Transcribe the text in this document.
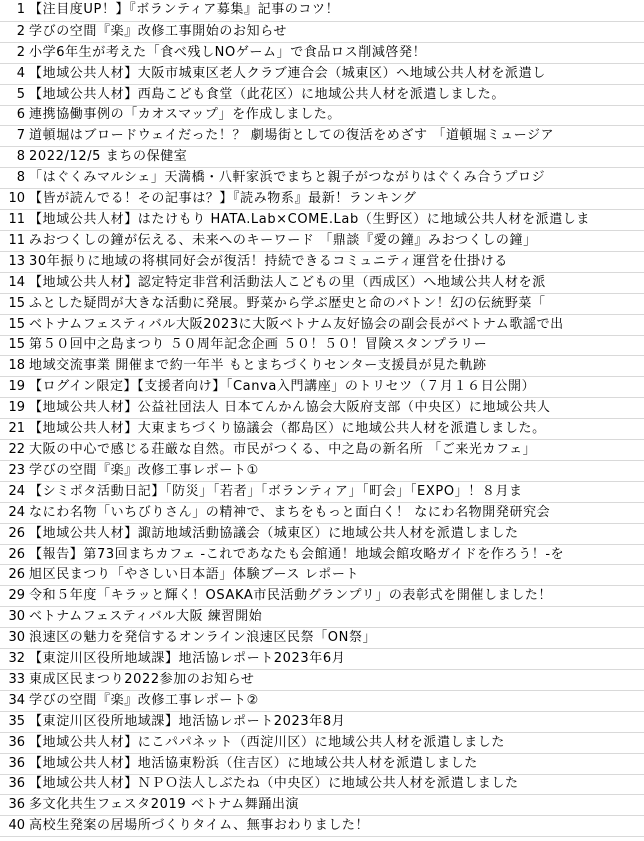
1 【注目度UP！】『ボランティア募集』記事のコツ！
2 学びの空間『楽』改修工事開始のお知らせ
2 小学6年生が考えた「食べ残しNOゲーム」で食品ロス削減啓発！
4 【地域公共人材】大阪市城東区老人クラブ連合会（城東区）へ地域公共人材を派遣し
5 【地域公共人材】西島こども食堂（此花区）に地域公共人材を派遣しました。
6 連携協働事例の「カオスマップ」を作成しました。
7 道頓堀はブロードウェイだった！？ 劇場街としての復活をめざす 「道頓堀ミュージア
8 2022/12/5 まちの保健室
8 「はぐくみマルシェ」天満橋・八軒家浜でまちと親子がつながりはぐくみ合うプロジ
10 【皆が読んでる！その記事は？】『読み物系』最新！ランキング
11 【地域公共人材】はたけもり HATA.Lab×COME.Lab（生野区）に地域公共人材を派遣しま
11 みおつくしの鐘が伝える、未来へのキーワード 「鼎談『愛の鐘』みおつくしの鐘」
13 30年振りに地域の将棋同好会が復活！持続できるコミュニティ運営を仕掛ける
14 【地域公共人材】認定特定非営利活動法人こどもの里（西成区）へ地域公共人材を派
15 ふとした疑問が大きな活動に発展。野菜から学ぶ歴史と命のバトン！幻の伝統野菜「
15 ベトナムフェスティバル大阪2023に大阪ベトナム友好協会の副会長がベトナム歌謡で出
15 第５０回中之島まつり ５０周年記念企画 ５０！５０！冒険スタンプラリー
18 地域交流事業 開催まで約一年半 もとまちづくりセンター支援員が見た軌跡
19 【ログイン限定】【支援者向け】「Canva入門講座」のトリセツ（７月１６日公開）
19 【地域公共人材】公益社団法人 日本てんかん協会大阪府支部（中央区）に地域公共人
21 【地域公共人材】大東まちづくり協議会（都島区）に地域公共人材を派遣しました。
22 大阪の中心で感じる荘厳な自然。市民がつくる、中之島の新名所 「ご来光カフェ」
23 学びの空間『楽』改修工事レポート①
24 【シミポタ活動日記】「防災」「若者」「ボランティア」「町会」「EXPO」！８月ま
24 なにわ名物「いちびりさん」の精神で、まちをもっと面白く！ なにわ名物開発研究会
26 【地域公共人材】諏訪地域活動協議会（城東区）に地域公共人材を派遣しました
26 【報告】第73回まちカフェ -これであなたも会館通！地域会館攻略ガイドを作ろう！-を
26 旭区民まつり「やさしい日本語」体験ブース レポート
29 令和５年度「キラッと輝く！OSAKA市民活動グランプリ」の表彰式を開催しました！
30 ベトナムフェスティバル大阪 練習開始
30 浪速区の魅力を発信するオンライン浪速区民祭「ON祭」
32 【東淀川区役所地域課】地活協レポート2023年6月
33 東成区民まつり2022参加のお知らせ
34 学びの空間『楽』改修工事レポート②
35 【東淀川区役所地域課】地活協レポート2023年8月
36 【地域公共人材】にこパパネット（西淀川区）に地域公共人材を派遣しました
36 【地域公共人材】地活協東粉浜（住吉区）に地域公共人材を派遣しました
36 【地域公共人材】ＮＰＯ法人しぶたね（中央区）に地域公共人材を派遣しました
36 多文化共生フェスタ2019 ベトナム舞踊出演
40 高校生発案の居場所づくりタイム、無事おわりました！
